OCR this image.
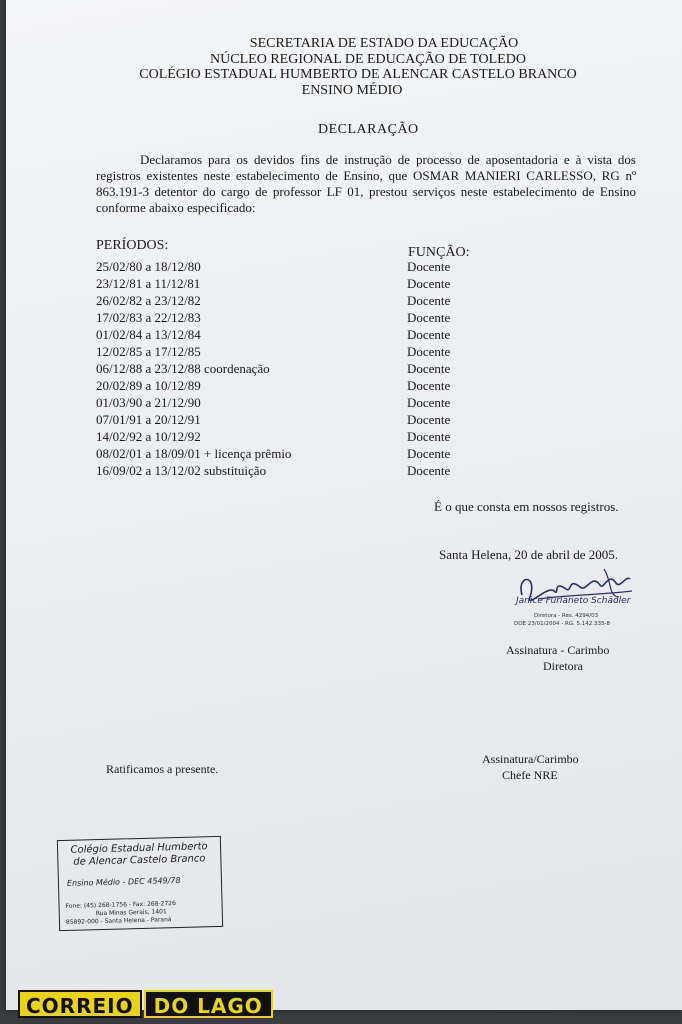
SECRETARIA DE ESTADO DA EDUCAÇÃO
NÚCLEO REGIONAL DE EDUCAÇÃO DE TOLEDO
COLÉGIO ESTADUAL HUMBERTO DE ALENCAR CASTELO BRANCO
ENSINO MÉDIO
DECLARAÇÃO
Declaramos para os devidos fins de instrução de processo de aposentadoria e à vista dos registros existentes neste estabelecimento de Ensino, que OSMAR MANIERI CARLESSO, RG nº 863.191-3 detentor do cargo de professor LF 01, prestou serviços neste estabelecimento de Ensino conforme abaixo especificado:
PERÍODOS:	FUNÇÃO:
25/02/80 a 18/12/80	Docente
23/12/81 a 11/12/81	Docente
26/02/82 a 23/12/82	Docente
17/02/83 a 22/12/83	Docente
01/02/84 a 13/12/84	Docente
12/02/85 a 17/12/85	Docente
06/12/88 a 23/12/88 coordenação	Docente
20/02/89 a 10/12/89	Docente
01/03/90 a 21/12/90	Docente
07/01/91 a 20/12/91	Docente
14/02/92 a 10/12/92	Docente
08/02/01 a 18/09/01 + licença prêmio	Docente
16/09/02 a 13/12/02 substituição	Docente
É o que consta em nossos registros.
Santa Helena, 20 de abril de 2005.
Janice Furlaneto Schädler
Diretora - Res. 4294/03
DOE 23/01/2004 - RG. 5.142.335-8
Assinatura - Carimbo
Diretora
Ratificamos a presente.
Assinatura/Carimbo
Chefe NRE
Colégio Estadual Humberto
de Alencar Castelo Branco
Ensino Médio - DEC 4549/78
Fone: (45) 268-1756 - Fax: 268-2726
Rua Minas Gerais, 1401
85892-000 - Santa Helena - Paraná
CORREIO	DO LAGO
